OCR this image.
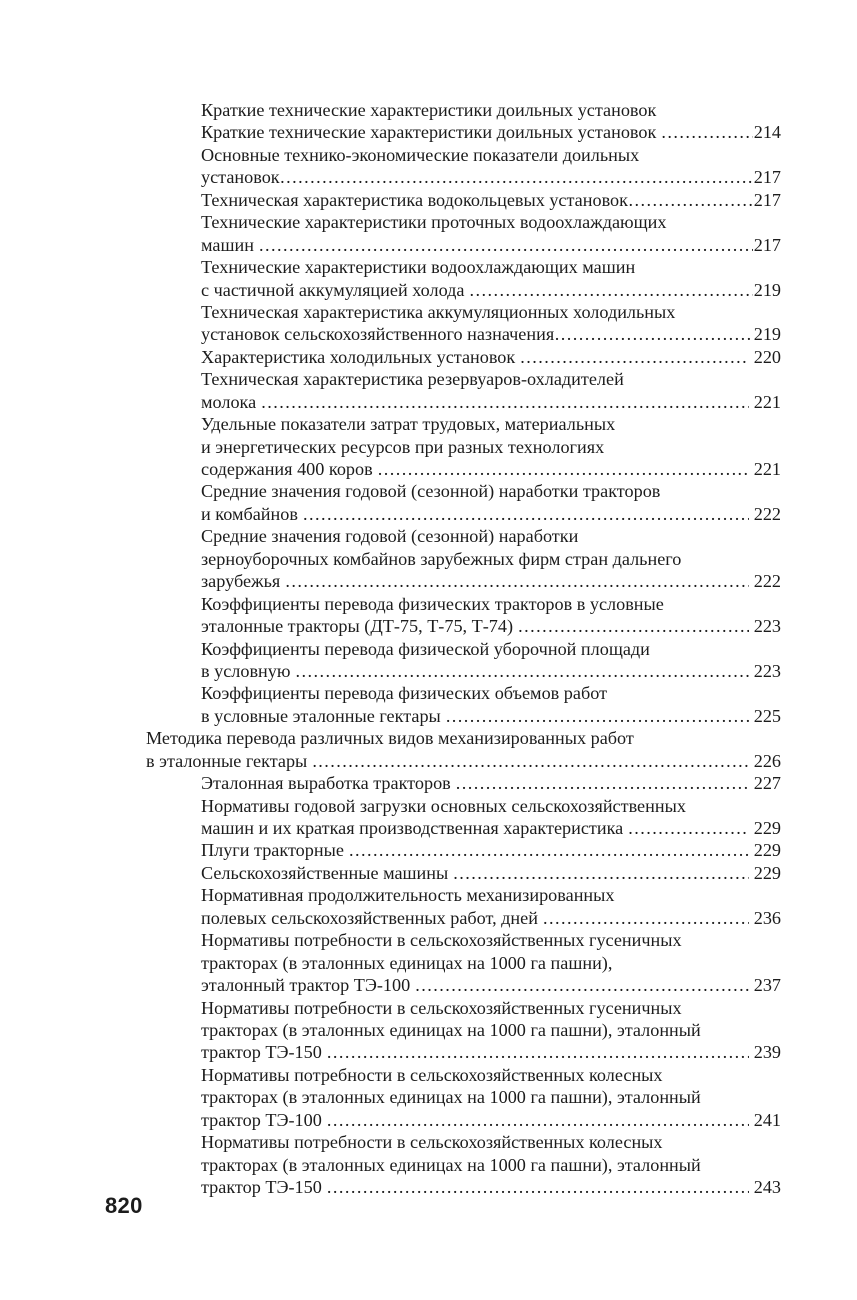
Краткие технические характеристики доильных установок
Краткие технические характеристики доильных установок .....	214
Основные технико-экономические показатели доильных
установок .....	217
Техническая характеристика водокольцевых установок .....	217
Технические характеристики проточных водоохлаждающих
машин .....	217
Технические характеристики водоохлаждающих машин
с частичной аккумуляцией холода .....	219
Техническая характеристика аккумуляционных холодильных
установок сельскохозяйственного назначения .....	219
Характеристика холодильных установок .....	220
Техническая характеристика резервуаров-охладителей
молока .....	221
Удельные показатели затрат трудовых, материальных
и энергетических ресурсов при разных технологиях
содержания 400 коров .....	221
Средние значения годовой (сезонной) наработки тракторов
и комбайнов .....	222
Средние значения годовой (сезонной) наработки
зерноуборочных комбайнов зарубежных фирм стран дальнего
зарубежья .....	222
Коэффициенты перевода физических тракторов в условные
эталонные тракторы (ДТ-75, Т-75, Т-74) .....	223
Коэффициенты перевода физической уборочной площади
в условную .....	223
Коэффициенты перевода физических объемов работ
в условные эталонные гектары .....	225
Методика перевода различных видов механизированных работ
в эталонные гектары .....	226
Эталонная выработка тракторов .....	227
Нормативы годовой загрузки основных сельскохозяйственных
машин и их краткая производственная характеристика .....	229
Плуги тракторные .....	229
Сельскохозяйственные машины .....	229
Нормативная продолжительность механизированных
полевых сельскохозяйственных работ, дней .....	236
Нормативы потребности в сельскохозяйственных гусеничных
тракторах (в эталонных единицах на 1000 га пашни),
эталонный трактор ТЭ-100 .....	237
Нормативы потребности в сельскохозяйственных гусеничных
тракторах (в эталонных единицах на 1000 га пашни), эталонный
трактор ТЭ-150 .....	239
Нормативы потребности в сельскохозяйственных колесных
тракторах (в эталонных единицах на 1000 га пашни), эталонный
трактор ТЭ-100 .....	241
Нормативы потребности в сельскохозяйственных колесных
тракторах (в эталонных единицах на 1000 га пашни), эталонный
трактор ТЭ-150 .....	243
820
